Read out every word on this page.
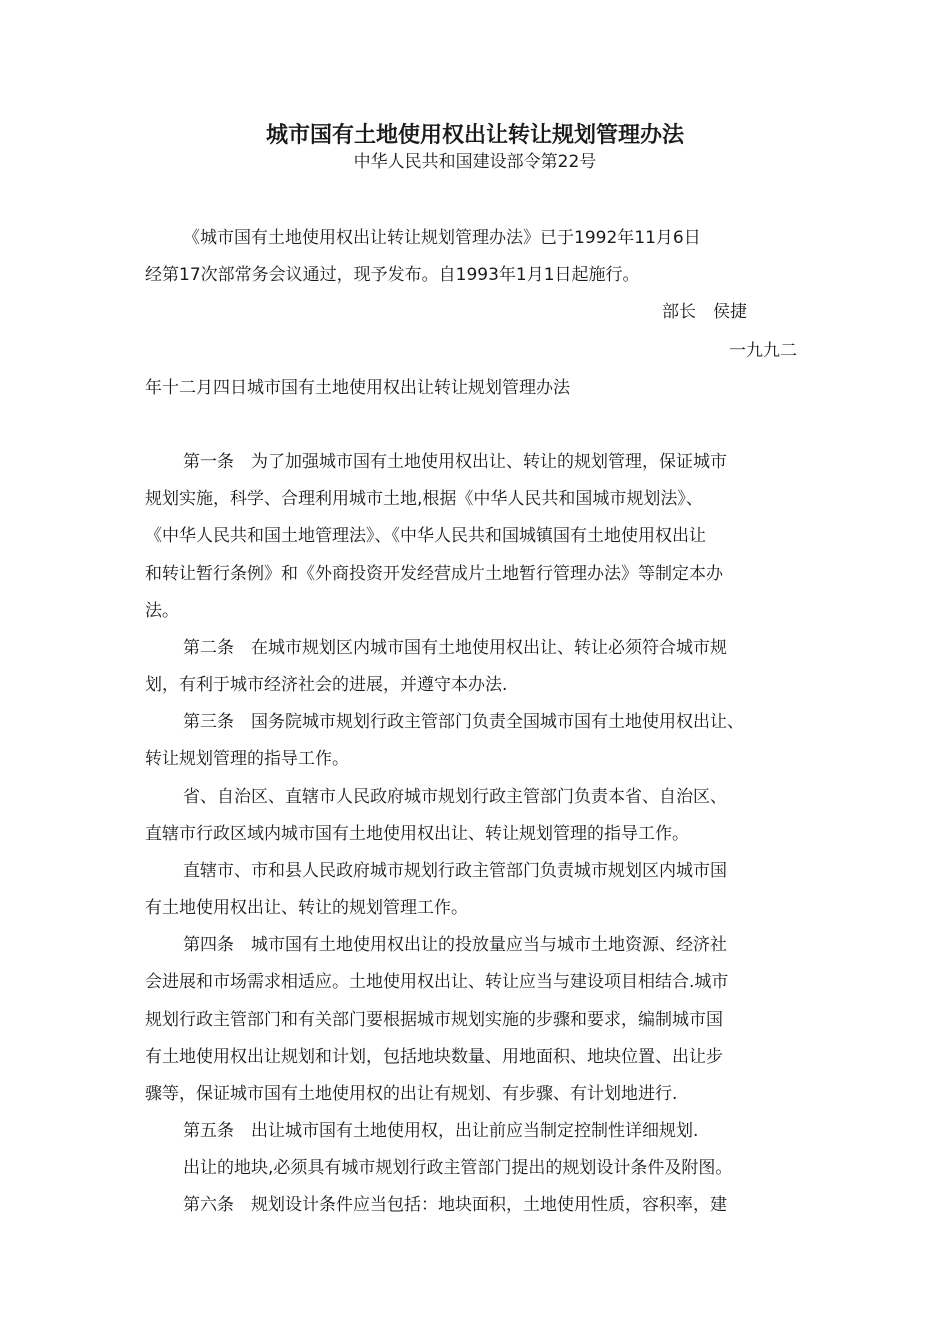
城市国有土地使用权出让转让规划管理办法
中华人民共和国建设部令第22号
《城市国有土地使用权出让转让规划管理办法》已于1992年11月6日
经第17次部常务会议通过，现予发布。自1993年1月1日起施行。
部长　侯捷
一九九二
年十二月四日城市国有土地使用权出让转让规划管理办法
第一条　为了加强城市国有土地使用权出让、转让的规划管理，保证城市
规划实施，科学、合理利用城市土地,根据《中华人民共和国城市规划法》、
《中华人民共和国土地管理法》、《中华人民共和国城镇国有土地使用权出让
和转让暂行条例》和《外商投资开发经营成片土地暂行管理办法》等制定本办
法。
第二条　在城市规划区内城市国有土地使用权出让、转让必须符合城市规
划，有利于城市经济社会的进展，并遵守本办法.
第三条　国务院城市规划行政主管部门负责全国城市国有土地使用权出让、
转让规划管理的指导工作。
省、自治区、直辖市人民政府城市规划行政主管部门负责本省、自治区、
直辖市行政区域内城市国有土地使用权出让、转让规划管理的指导工作。
直辖市、市和县人民政府城市规划行政主管部门负责城市规划区内城市国
有土地使用权出让、转让的规划管理工作。
第四条　城市国有土地使用权出让的投放量应当与城市土地资源、经济社
会进展和市场需求相适应。土地使用权出让、转让应当与建设项目相结合.城市
规划行政主管部门和有关部门要根据城市规划实施的步骤和要求，编制城市国
有土地使用权出让规划和计划，包括地块数量、用地面积、地块位置、出让步
骤等，保证城市国有土地使用权的出让有规划、有步骤、有计划地进行.
第五条　出让城市国有土地使用权，出让前应当制定控制性详细规划.
出让的地块,必须具有城市规划行政主管部门提出的规划设计条件及附图。
第六条　规划设计条件应当包括：地块面积，土地使用性质，容积率，建
